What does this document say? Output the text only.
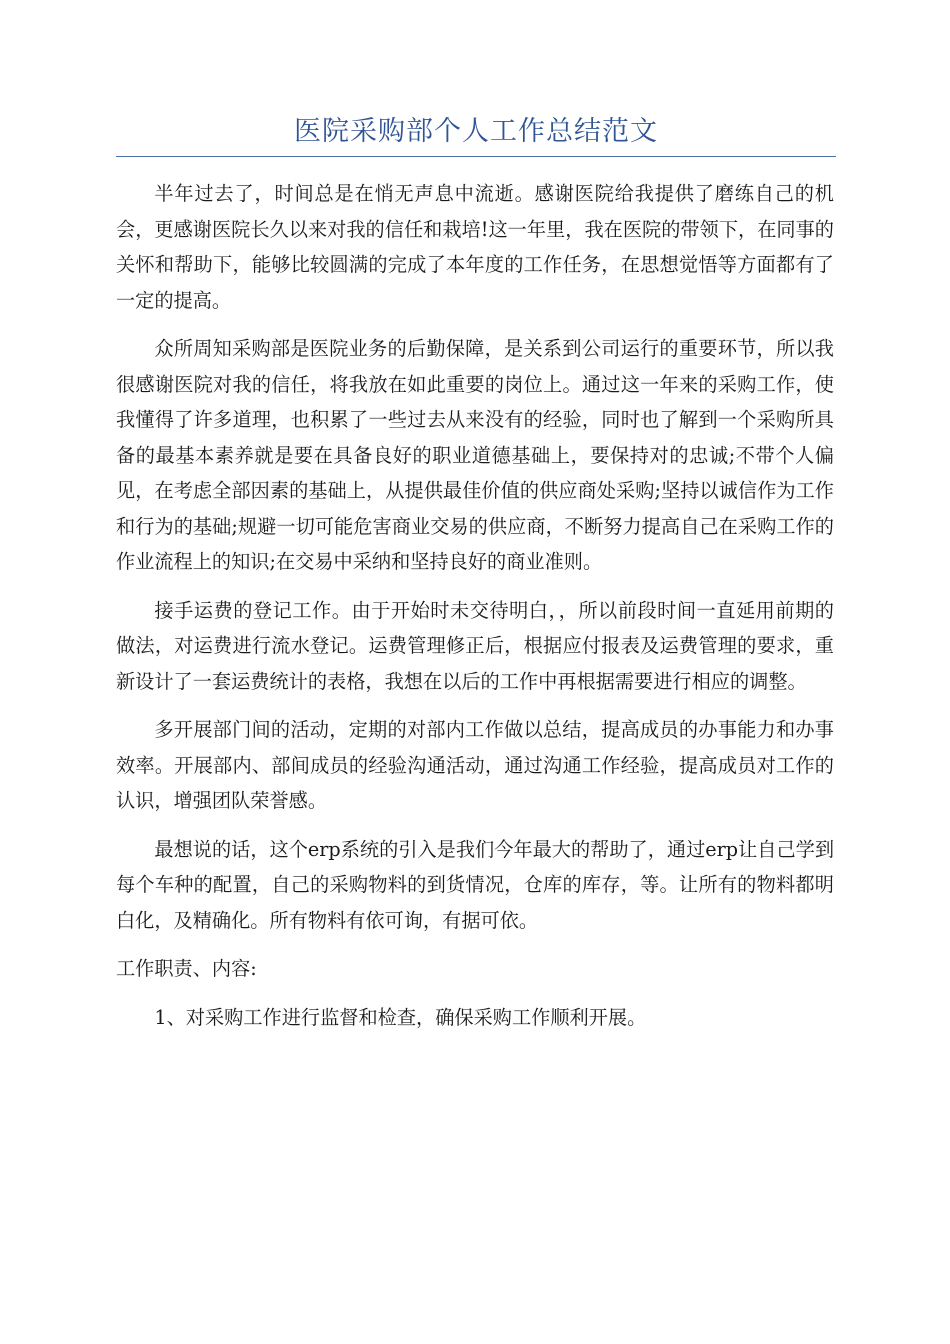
医院采购部个人工作总结范文

半年过去了，时间总是在悄无声息中流逝。感谢医院给我提供了磨练自己的机会，更感谢医院长久以来对我的信任和栽培!这一年里，我在医院的带领下，在同事的关怀和帮助下，能够比较圆满的完成了本年度的工作任务，在思想觉悟等方面都有了一定的提高。

众所周知采购部是医院业务的后勤保障，是关系到公司运行的重要环节，所以我很感谢医院对我的信任，将我放在如此重要的岗位上。通过这一年来的采购工作，使我懂得了许多道理，也积累了一些过去从来没有的经验，同时也了解到一个采购所具备的最基本素养就是要在具备良好的职业道德基础上，要保持对的忠诚;不带个人偏见，在考虑全部因素的基础上，从提供最佳价值的供应商处采购;坚持以诚信作为工作和行为的基础;规避一切可能危害商业交易的供应商，不断努力提高自己在采购工作的作业流程上的知识;在交易中采纳和坚持良好的商业准则。

接手运费的登记工作。由于开始时未交待明白，，所以前段时间一直延用前期的做法，对运费进行流水登记。运费管理修正后，根据应付报表及运费管理的要求，重新设计了一套运费统计的表格，我想在以后的工作中再根据需要进行相应的调整。

多开展部门间的活动，定期的对部内工作做以总结，提高成员的办事能力和办事效率。开展部内、部间成员的经验沟通活动，通过沟通工作经验，提高成员对工作的认识，增强团队荣誉感。

最想说的话，这个erp系统的引入是我们今年最大的帮助了，通过erp让自己学到每个车种的配置，自己的采购物料的到货情况，仓库的库存，等。让所有的物料都明白化，及精确化。所有物料有依可询，有据可依。

工作职责、内容:

1、对采购工作进行监督和检查，确保采购工作顺利开展。
